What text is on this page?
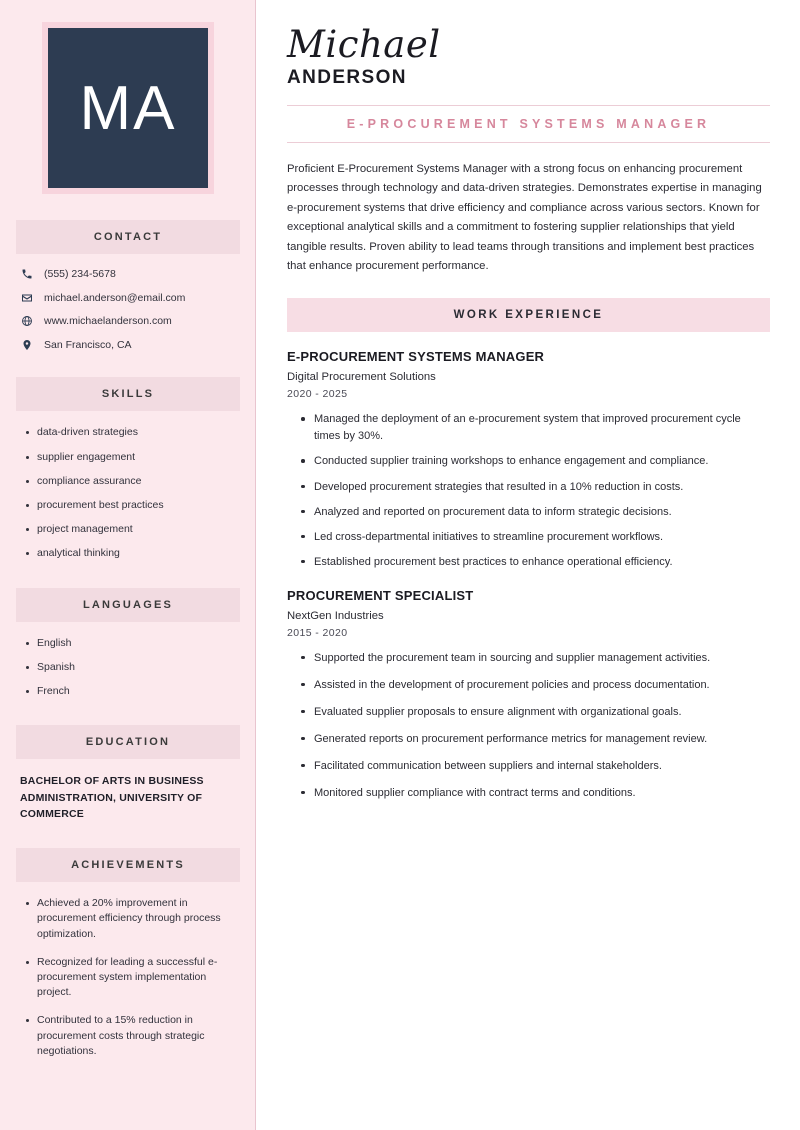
MA
CONTACT
(555) 234-5678
michael.anderson@email.com
www.michaelanderson.com
San Francisco, CA
SKILLS
data-driven strategies
supplier engagement
compliance assurance
procurement best practices
project management
analytical thinking
LANGUAGES
English
Spanish
French
EDUCATION
BACHELOR OF ARTS IN BUSINESS ADMINISTRATION, UNIVERSITY OF COMMERCE
ACHIEVEMENTS
Achieved a 20% improvement in procurement efficiency through process optimization.
Recognized for leading a successful e-procurement system implementation project.
Contributed to a 15% reduction in procurement costs through strategic negotiations.
Michael
ANDERSON
E-PROCUREMENT SYSTEMS MANAGER

Proficient E-Procurement Systems Manager with a strong focus on enhancing procurement processes through technology and data-driven strategies. Demonstrates expertise in managing e-procurement systems that drive efficiency and compliance across various sectors. Known for exceptional analytical skills and a commitment to fostering supplier relationships that yield tangible results. Proven ability to lead teams through transitions and implement best practices that enhance procurement performance.

WORK EXPERIENCE
E-PROCUREMENT SYSTEMS MANAGER
Digital Procurement Solutions
2020 - 2025
Managed the deployment of an e-procurement system that improved procurement cycle times by 30%.
Conducted supplier training workshops to enhance engagement and compliance.
Developed procurement strategies that resulted in a 10% reduction in costs.
Analyzed and reported on procurement data to inform strategic decisions.
Led cross-departmental initiatives to streamline procurement workflows.
Established procurement best practices to enhance operational efficiency.
PROCUREMENT SPECIALIST
NextGen Industries
2015 - 2020
Supported the procurement team in sourcing and supplier management activities.
Assisted in the development of procurement policies and process documentation.
Evaluated supplier proposals to ensure alignment with organizational goals.
Generated reports on procurement performance metrics for management review.
Facilitated communication between suppliers and internal stakeholders.
Monitored supplier compliance with contract terms and conditions.
